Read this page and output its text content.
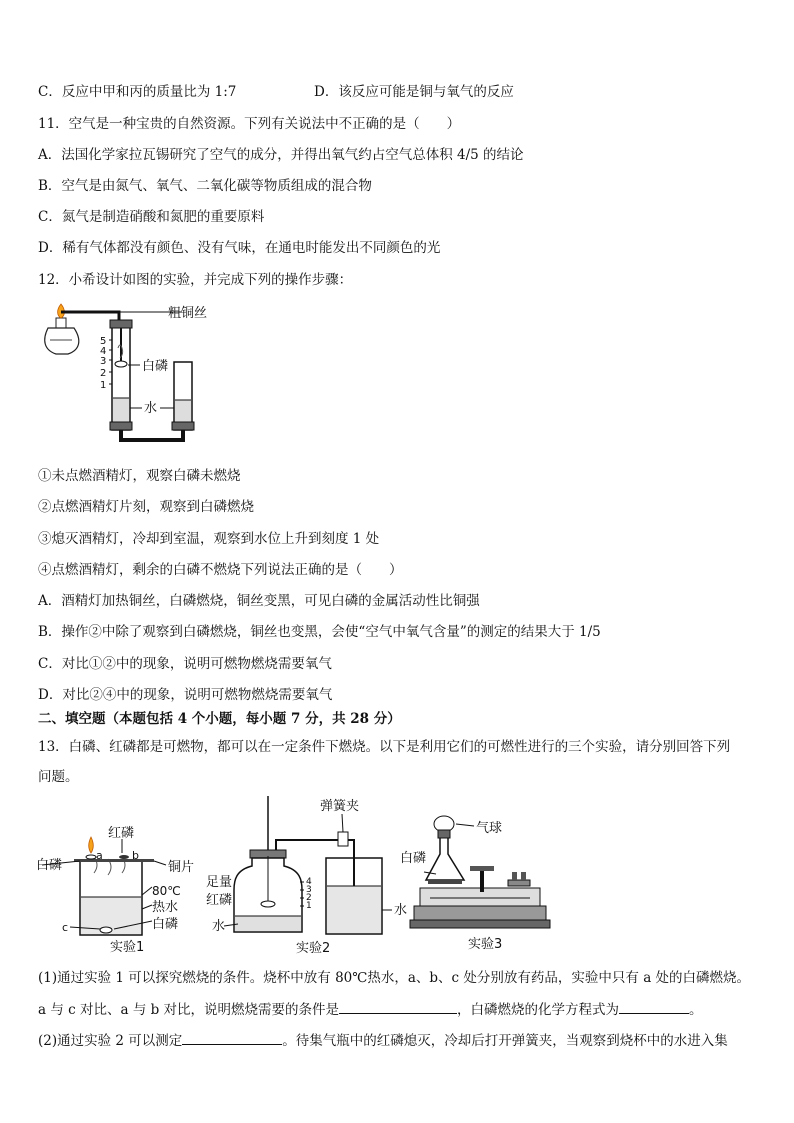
C．反应中甲和丙的质量比为 1:7	D．该反应可能是铜与氧气的反应
11．空气是一种宝贵的自然资源。下列有关说法中不正确的是（　　）
A．法国化学家拉瓦锡研究了空气的成分，并得出氧气约占空气总体积 4/5 的结论
B．空气是由氮气、氧气、二氧化碳等物质组成的混合物
C．氮气是制造硝酸和氮肥的重要原料
D．稀有气体都没有颜色、没有气味，在通电时能发出不同颜色的光
12．小希设计如图的实验，并完成下列的操作步骤：
5
4
3
2
1
粗铜丝
白磷
水
①未点燃酒精灯，观察白磷未燃烧
②点燃酒精灯片刻，观察到白磷燃烧
③熄灭酒精灯，冷却到室温，观察到水位上升到刻度 1 处
④点燃酒精灯，剩余的白磷不燃烧下列说法正确的是（　　）
A．酒精灯加热铜丝，白磷燃烧，铜丝变黑，可见白磷的金属活动性比铜强
B．操作②中除了观察到白磷燃烧，铜丝也变黑，会使“空气中氧气含量”的测定的结果大于 1/5
C．对比①②中的现象，说明可燃物燃烧需要氧气
D．对比②④中的现象，说明可燃物燃烧需要氧气
二、填空题（本题包括 4 个小题，每小题 7 分，共 28 分）
13．白磷、红磷都是可燃物，都可以在一定条件下燃烧。以下是利用它们的可燃性进行的三个实验，请分别回答下列
问题。
红磷
白磷
a	b
铜片
80℃
热水
白磷
c
实验1
4
3
2
1
弹簧夹
足量
红磷
水
水
实验2
气球
白磷
实验3
(1)通过实验 1 可以探究燃烧的条件。烧杯中放有 80℃热水，a、b、c 处分别放有药品，实验中只有 a 处的白磷燃烧。
a 与 c 对比、a 与 b 对比，说明燃烧需要的条件是	，白磷燃烧的化学方程式为	。
(2)通过实验 2 可以测定	。待集气瓶中的红磷熄灭，冷却后打开弹簧夹，当观察到烧杯中的水进入集
